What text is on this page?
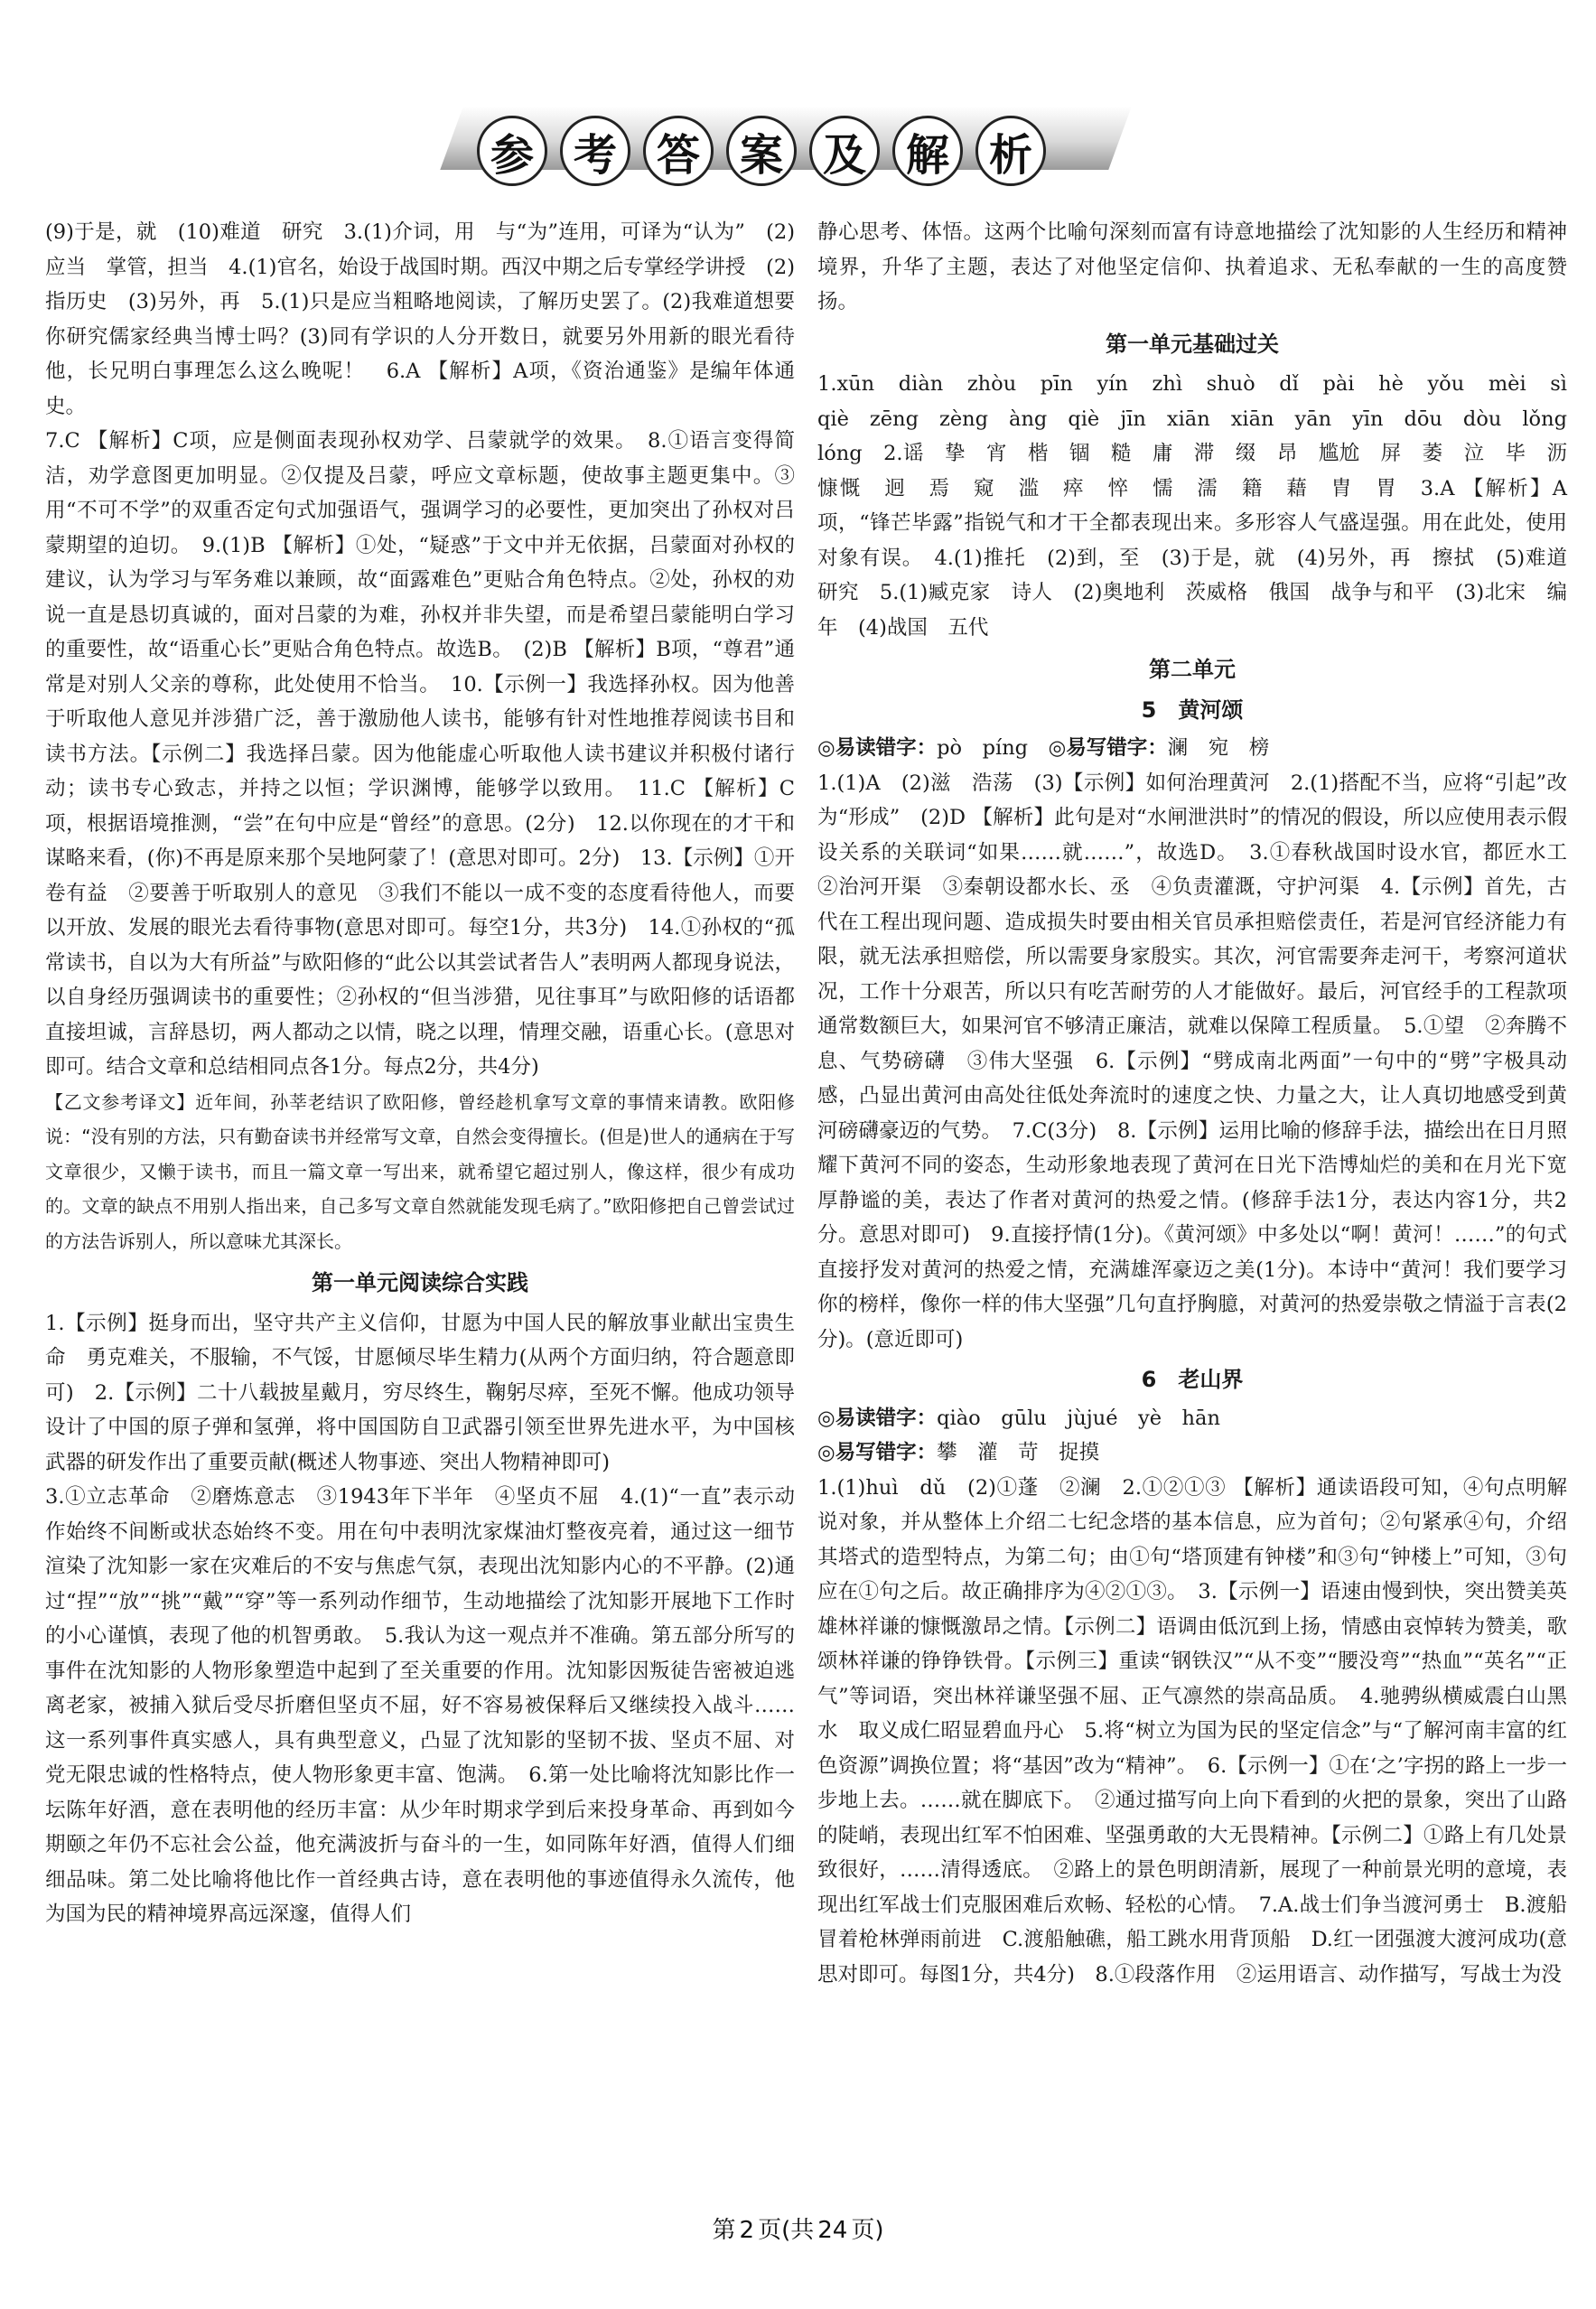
参 考 答 案 及 解 析

(9)于是，就　(10)难道　研究　3.(1)介词，用　与“为”连用，可译为“认为”　(2)应当　掌管，担当　4.(1)官名，始设于战国时期。西汉中期之后专掌经学讲授　(2)指历史　(3)另外，再　5.(1)只是应当粗略地阅读，了解历史罢了。(2)我难道想要你研究儒家经典当博士吗？(3)同有学识的人分开数日，就要另外用新的眼光看待他，长兄明白事理怎么这么晚呢！　6.A 【解析】A项，《资治通鉴》是编年体通史。

7.C 【解析】C项，应是侧面表现孙权劝学、吕蒙就学的效果。　8.①语言变得简洁，劝学意图更加明显。②仅提及吕蒙，呼应文章标题，使故事主题更集中。③用“不可不学”的双重否定句式加强语气，强调学习的必要性，更加突出了孙权对吕蒙期望的迫切。　9.(1)B 【解析】①处，“疑惑”于文中并无依据，吕蒙面对孙权的建议，认为学习与军务难以兼顾，故“面露难色”更贴合角色特点。②处，孙权的劝说一直是恳切真诚的，面对吕蒙的为难，孙权并非失望，而是希望吕蒙能明白学习的重要性，故“语重心长”更贴合角色特点。故选B。　(2)B 【解析】B项，“尊君”通常是对别人父亲的尊称，此处使用不恰当。　10.【示例一】我选择孙权。因为他善于听取他人意见并涉猎广泛，善于激励他人读书，能够有针对性地推荐阅读书目和读书方法。【示例二】我选择吕蒙。因为他能虚心听取他人读书建议并积极付诸行动；读书专心致志，并持之以恒；学识渊博，能够学以致用。　11.C 【解析】C项，根据语境推测，“尝”在句中应是“曾经”的意思。(2分)　12.以你现在的才干和谋略来看，(你)不再是原来那个吴地阿蒙了！(意思对即可。2分)　13.【示例】①开卷有益　②要善于听取别人的意见　③我们不能以一成不变的态度看待他人，而要以开放、发展的眼光去看待事物(意思对即可。每空1分，共3分)　14.①孙权的“孤常读书，自以为大有所益”与欧阳修的“此公以其尝试者告人”表明两人都现身说法，以自身经历强调读书的重要性；②孙权的“但当涉猎，见往事耳”与欧阳修的话语都直接坦诚，言辞恳切，两人都动之以情，晓之以理，情理交融，语重心长。(意思对即可。结合文章和总结相同点各1分。每点2分，共4分)

【乙文参考译文】近年间，孙莘老结识了欧阳修，曾经趁机拿写文章的事情来请教。欧阳修说：“没有别的方法，只有勤奋读书并经常写文章，自然会变得擅长。(但是)世人的通病在于写文章很少，又懒于读书，而且一篇文章一写出来，就希望它超过别人，像这样，很少有成功的。文章的缺点不用别人指出来，自己多写文章自然就能发现毛病了。”欧阳修把自己曾尝试过的方法告诉别人，所以意味尤其深长。

第一单元阅读综合实践

1.【示例】挺身而出，坚守共产主义信仰，甘愿为中国人民的解放事业献出宝贵生命　勇克难关，不服输，不气馁，甘愿倾尽毕生精力(从两个方面归纳，符合题意即可)　2.【示例】二十八载披星戴月，穷尽终生，鞠躬尽瘁，至死不懈。他成功领导设计了中国的原子弹和氢弹，将中国国防自卫武器引领至世界先进水平，为中国核武器的研发作出了重要贡献(概述人物事迹、突出人物精神即可)

3.①立志革命　②磨炼意志　③1943年下半年　④坚贞不屈　4.(1)“一直”表示动作始终不间断或状态始终不变。用在句中表明沈家煤油灯整夜亮着，通过这一细节渲染了沈知影一家在灾难后的不安与焦虑气氛，表现出沈知影内心的不平静。(2)通过“捏”“放”“挑”“戴”“穿”等一系列动作细节，生动地描绘了沈知影开展地下工作时的小心谨慎，表现了他的机智勇敢。　5.我认为这一观点并不准确。第五部分所写的事件在沈知影的人物形象塑造中起到了至关重要的作用。沈知影因叛徒告密被迫逃离老家，被捕入狱后受尽折磨但坚贞不屈，好不容易被保释后又继续投入战斗……这一系列事件真实感人，具有典型意义，凸显了沈知影的坚韧不拔、坚贞不屈、对党无限忠诚的性格特点，使人物形象更丰富、饱满。　6.第一处比喻将沈知影比作一坛陈年好酒，意在表明他的经历丰富：从少年时期求学到后来投身革命、再到如今期颐之年仍不忘社会公益，他充满波折与奋斗的一生，如同陈年好酒，值得人们细细品味。第二处比喻将他比作一首经典古诗，意在表明他的事迹值得永久流传，他为国为民的精神境界高远深邃，值得人们

静心思考、体悟。这两个比喻句深刻而富有诗意地描绘了沈知影的人生经历和精神境界，升华了主题，表达了对他坚定信仰、执着追求、无私奉献的一生的高度赞扬。

第一单元基础过关

1.xūn　diàn　zhòu　pīn　yín　zhì　shuò　dǐ　pài　hè　yǒu　mèi　sì　qiè　zēng　zèng　àng　qiè　jīn　xiān　xiān　yān　yīn　dōu　dòu　lǒng　lóng　2.谣　挚　宵　楷　锢　糙　庸　滞　缀　昂　尴尬　屏　萎　泣　毕　沥　慷慨　迥　焉　窥　滥　瘁　悴　懦　濡　籍　藉　胄　胃　3.A 【解析】A项，“锋芒毕露”指锐气和才干全都表现出来。多形容人气盛逞强。用在此处，使用对象有误。　4.(1)推托　(2)到，至　(3)于是，就　(4)另外，再　擦拭　(5)难道　研究　5.(1)臧克家　诗人　(2)奥地利　茨威格　俄国　战争与和平　(3)北宋　编年　(4)战国　五代

第二单元
5　黄河颂

◎易读错字：pò　píng　 ◎易写错字：澜　宛　榜

1.(1)A　(2)滋　浩荡　(3)【示例】如何治理黄河　2.(1)搭配不当，应将“引起”改为“形成”　(2)D 【解析】此句是对“水闸泄洪时”的情况的假设，所以应使用表示假设关系的关联词“如果……就……”，故选D。　3.①春秋战国时设水官，都匠水工　②治河开渠　③秦朝设都水长、丞　④负责灌溉，守护河渠　4.【示例】首先，古代在工程出现问题、造成损失时要由相关官员承担赔偿责任，若是河官经济能力有限，就无法承担赔偿，所以需要身家殷实。其次，河官需要奔走河干，考察河道状况，工作十分艰苦，所以只有吃苦耐劳的人才能做好。最后，河官经手的工程款项通常数额巨大，如果河官不够清正廉洁，就难以保障工程质量。　5.①望　②奔腾不息、气势磅礴　③伟大坚强　6.【示例】“劈成南北两面”一句中的“劈”字极具动感，凸显出黄河由高处往低处奔流时的速度之快、力量之大，让人真切地感受到黄河磅礴豪迈的气势。　7.C(3分)　8.【示例】运用比喻的修辞手法，描绘出在日月照耀下黄河不同的姿态，生动形象地表现了黄河在日光下浩博灿烂的美和在月光下宽厚静谧的美，表达了作者对黄河的热爱之情。(修辞手法1分，表达内容1分，共2分。意思对即可)　9.直接抒情(1分)。《黄河颂》中多处以“啊！黄河！……”的句式直接抒发对黄河的热爱之情，充满雄浑豪迈之美(1分)。本诗中“黄河！我们要学习你的榜样，像你一样的伟大坚强”几句直抒胸臆，对黄河的热爱崇敬之情溢于言表(2分)。(意近即可)

6　老山界

◎易读错字：qiào　gūlu　jùjué　yè　hān

◎易写错字：攀　灌　苛　捉摸

1.(1)huì　dǔ　(2)①蓬　②澜　2.①②①③ 【解析】通读语段可知，④句点明解说对象，并从整体上介绍二七纪念塔的基本信息，应为首句；②句紧承④句，介绍其塔式的造型特点，为第二句；由①句“塔顶建有钟楼”和③句“钟楼上”可知，③句应在①句之后。故正确排序为④②①③。　3.【示例一】语速由慢到快，突出赞美英雄林祥谦的慷慨激昂之情。【示例二】语调由低沉到上扬，情感由哀悼转为赞美，歌颂林祥谦的铮铮铁骨。【示例三】重读“钢铁汉”“从不变”“腰没弯”“热血”“英名”“正气”等词语，突出林祥谦坚强不屈、正气凛然的崇高品质。　4.驰骋纵横威震白山黑水　取义成仁昭显碧血丹心　5.将“树立为国为民的坚定信念”与“了解河南丰富的红色资源”调换位置；将“基因”改为“精神”。　6.【示例一】①在‘之’字拐的路上一步一步地上去。……就在脚底下。　②通过描写向上向下看到的火把的景象，突出了山路的陡峭，表现出红军不怕困难、坚强勇敢的大无畏精神。【示例二】①路上有几处景致很好，……清得透底。　②路上的景色明朗清新，展现了一种前景光明的意境，表现出红军战士们克服困难后欢畅、轻松的心情。　7.A.战士们争当渡河勇士　B.渡船冒着枪林弹雨前进　C.渡船触礁，船工跳水用背顶船　D.红一团强渡大渡河成功(意思对即可。每图1分，共4分)　8.①段落作用　②运用语言、动作描写，写战士为没

第 2 页(共 24 页)
